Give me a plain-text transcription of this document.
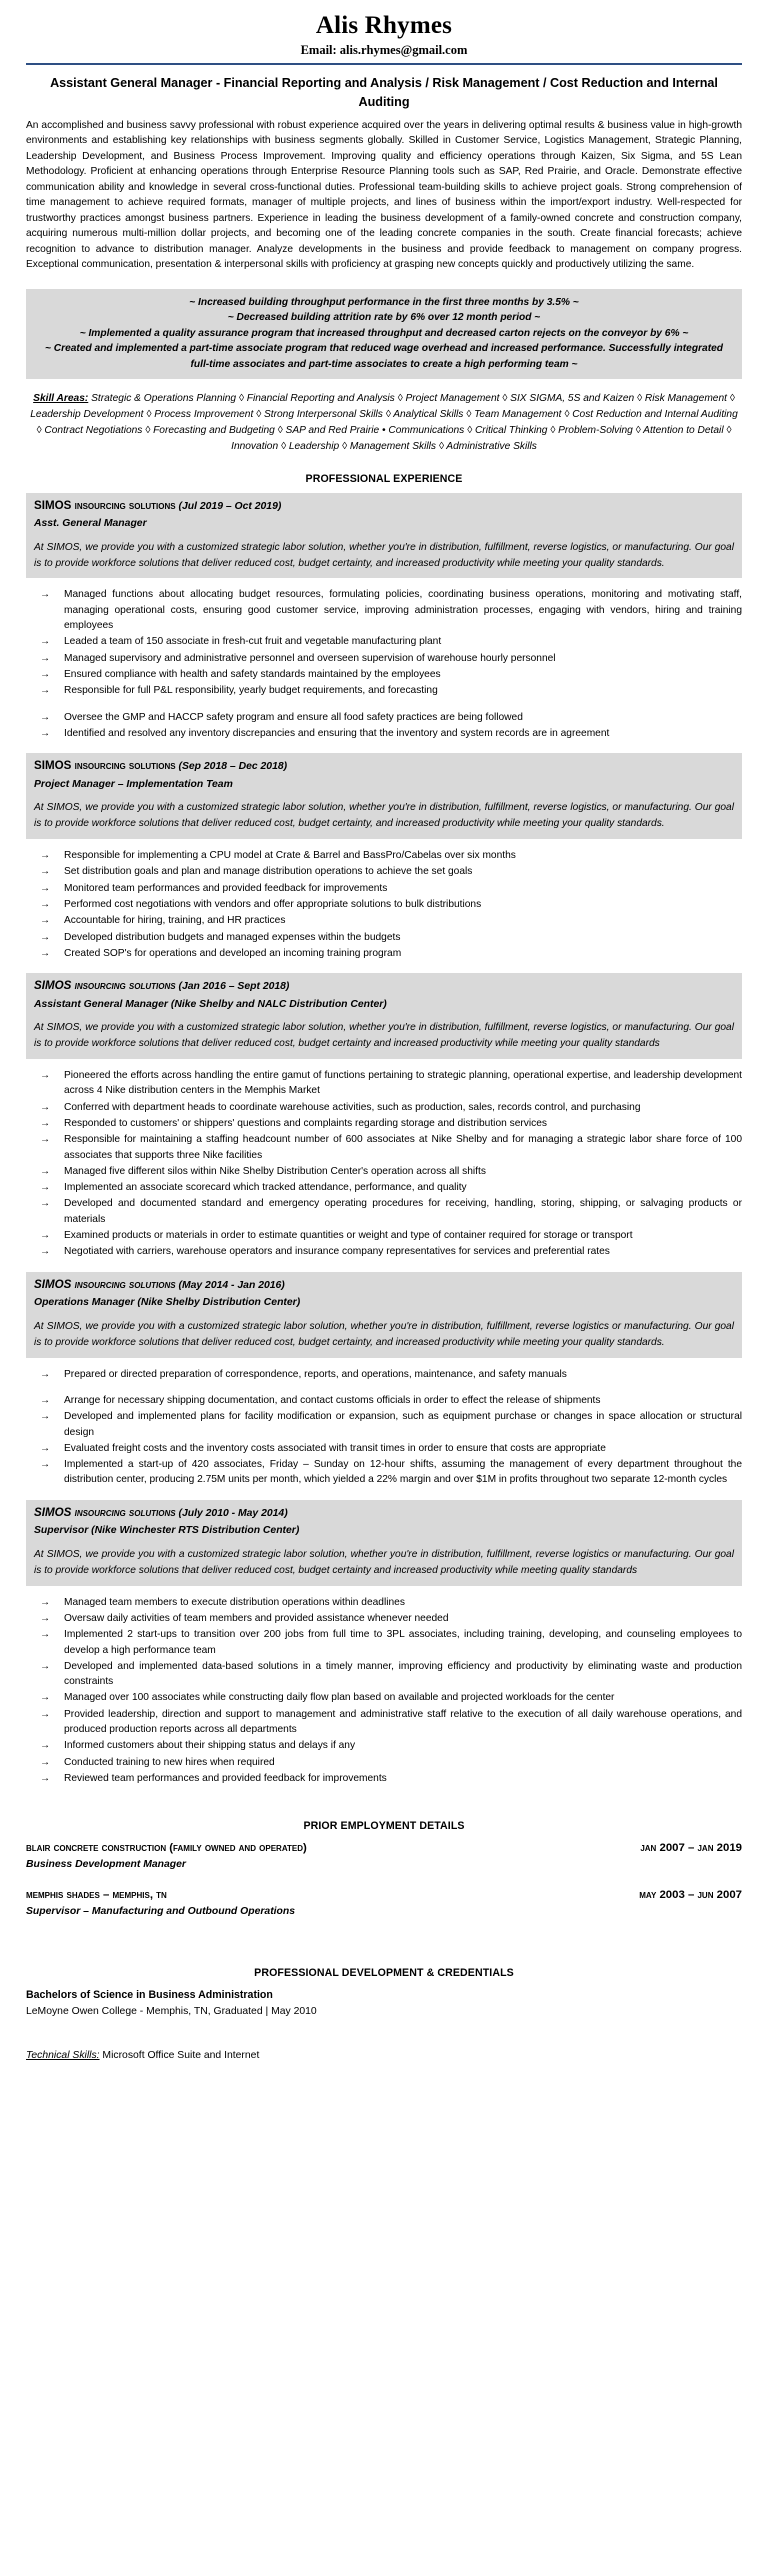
Alis Rhymes
Email: alis.rhymes@gmail.com
Assistant General Manager - Financial Reporting and Analysis / Risk Management / Cost Reduction and Internal Auditing
An accomplished and business savvy professional with robust experience acquired over the years in delivering optimal results & business value in high-growth environments and establishing key relationships with business segments globally. Skilled in Customer Service, Logistics Management, Strategic Planning, Leadership Development, and Business Process Improvement. Improving quality and efficiency operations through Kaizen, Six Sigma, and 5S Lean Methodology. Proficient at enhancing operations through Enterprise Resource Planning tools such as SAP, Red Prairie, and Oracle. Demonstrate effective communication ability and knowledge in several cross-functional duties. Professional team-building skills to achieve project goals. Strong comprehension of time management to achieve required formats, manager of multiple projects, and lines of business within the import/export industry. Well-respected for trustworthy practices amongst business partners. Experience in leading the business development of a family-owned concrete and construction company, acquiring numerous multi-million dollar projects, and becoming one of the leading concrete companies in the south. Create financial forecasts; achieve recognition to advance to distribution manager. Analyze developments in the business and provide feedback to management on company progress. Exceptional communication, presentation & interpersonal skills with proficiency at grasping new concepts quickly and productively utilizing the same.
~ Increased building throughput performance in the first three months by 3.5% ~
~ Decreased building attrition rate by 6% over 12 month period ~
~ Implemented a quality assurance program that increased throughput and decreased carton rejects on the conveyor by 6% ~
~ Created and implemented a part-time associate program that reduced wage overhead and increased performance. Successfully integrated full-time associates and part-time associates to create a high performing team ~
Skill Areas: Strategic & Operations Planning ◊ Financial Reporting and Analysis ◊ Project Management ◊ SIX SIGMA, 5S and Kaizen ◊ Risk Management ◊ Leadership Development ◊ Process Improvement ◊ Strong Interpersonal Skills ◊ Analytical Skills ◊ Team Management ◊ Cost Reduction and Internal Auditing ◊ Contract Negotiations ◊ Forecasting and Budgeting ◊ SAP and Red Prairie • Communications ◊ Critical Thinking ◊ Problem-Solving ◊ Attention to Detail ◊ Innovation ◊ Leadership ◊ Management Skills ◊ Administrative Skills
PROFESSIONAL EXPERIENCE
SIMOS insourcing solutions (Jul 2019 – Oct 2019)
Asst. General Manager
At SIMOS, we provide you with a customized strategic labor solution, whether you're in distribution, fulfillment, reverse logistics, or manufacturing. Our goal is to provide workforce solutions that deliver reduced cost, budget certainty, and increased productivity while meeting your quality standards.
→ Managed functions about allocating budget resources, formulating policies, coordinating business operations, monitoring and motivating staff, managing operational costs, ensuring good customer service, improving administration processes, engaging with vendors, hiring and training employees
→ Leaded a team of 150 associate in fresh-cut fruit and vegetable manufacturing plant
→ Managed supervisory and administrative personnel and overseen supervision of warehouse hourly personnel
→ Ensured compliance with health and safety standards maintained by the employees
→ Responsible for full P&L responsibility, yearly budget requirements, and forecasting
→ Oversee the GMP and HACCP safety program and ensure all food safety practices are being followed
→ Identified and resolved any inventory discrepancies and ensuring that the inventory and system records are in agreement
SIMOS insourcing solutions (Sep 2018 – Dec 2018)
Project Manager – Implementation Team
At SIMOS, we provide you with a customized strategic labor solution, whether you're in distribution, fulfillment, reverse logistics, or manufacturing. Our goal is to provide workforce solutions that deliver reduced cost, budget certainty, and increased productivity while meeting your quality standards.
→ Responsible for implementing a CPU model at Crate & Barrel and BassPro/Cabelas over six months
→ Set distribution goals and plan and manage distribution operations to achieve the set goals
→ Monitored team performances and provided feedback for improvements
→ Performed cost negotiations with vendors and offer appropriate solutions to bulk distributions
→ Accountable for hiring, training, and HR practices
→ Developed distribution budgets and managed expenses within the budgets
→ Created SOP's for operations and developed an incoming training program
SIMOS insourcing solutions (Jan 2016 – Sept 2018)
Assistant General Manager (Nike Shelby and NALC Distribution Center)
At SIMOS, we provide you with a customized strategic labor solution, whether you're in distribution, fulfillment, reverse logistics, or manufacturing. Our goal is to provide workforce solutions that deliver reduced cost, budget certainty and increased productivity while meeting your quality standards
→ Pioneered the efforts across handling the entire gamut of functions pertaining to strategic planning, operational expertise, and leadership development across 4 Nike distribution centers in the Memphis Market
→ Conferred with department heads to coordinate warehouse activities, such as production, sales, records control, and purchasing
→ Responded to customers' or shippers' questions and complaints regarding storage and distribution services
→ Responsible for maintaining a staffing headcount number of 600 associates at Nike Shelby and for managing a strategic labor share force of 100 associates that supports three Nike facilities
→ Managed five different silos within Nike Shelby Distribution Center's operation across all shifts
→ Implemented an associate scorecard which tracked attendance, performance, and quality
→ Developed and documented standard and emergency operating procedures for receiving, handling, storing, shipping, or salvaging products or materials
→ Examined products or materials in order to estimate quantities or weight and type of container required for storage or transport
→ Negotiated with carriers, warehouse operators and insurance company representatives for services and preferential rates
SIMOS insourcing solutions (May 2014 - Jan 2016)
Operations Manager (Nike Shelby Distribution Center)
At SIMOS, we provide you with a customized strategic labor solution, whether you're in distribution, fulfillment, reverse logistics or manufacturing. Our goal is to provide workforce solutions that deliver reduced cost, budget certainty, and increased productivity while meeting your quality standards.
→ Prepared or directed preparation of correspondence, reports, and operations, maintenance, and safety manuals
→ Arrange for necessary shipping documentation, and contact customs officials in order to effect the release of shipments
→ Developed and implemented plans for facility modification or expansion, such as equipment purchase or changes in space allocation or structural design
→ Evaluated freight costs and the inventory costs associated with transit times in order to ensure that costs are appropriate
→ Implemented a start-up of 420 associates, Friday – Sunday on 12-hour shifts, assuming the management of every department throughout the distribution center, producing 2.75M units per month, which yielded a 22% margin and over $1M in profits throughout two separate 12-month cycles
SIMOS insourcing solutions (July 2010 - May 2014)
Supervisor (Nike Winchester RTS Distribution Center)
At SIMOS, we provide you with a customized strategic labor solution, whether you're in distribution, fulfillment, reverse logistics or manufacturing. Our goal is to provide workforce solutions that deliver reduced cost, budget certainty and increased productivity while meeting quality standards
→ Managed team members to execute distribution operations within deadlines
→ Oversaw daily activities of team members and provided assistance whenever needed
→ Implemented 2 start-ups to transition over 200 jobs from full time to 3PL associates, including training, developing, and counseling employees to develop a high performance team
→ Developed and implemented data-based solutions in a timely manner, improving efficiency and productivity by eliminating waste and production constraints
→ Managed over 100 associates while constructing daily flow plan based on available and projected workloads for the center
→ Provided leadership, direction and support to management and administrative staff relative to the execution of all daily warehouse operations, and produced production reports across all departments
→ Informed customers about their shipping status and delays if any
→ Conducted training to new hires when required
→ Reviewed team performances and provided feedback for improvements
PRIOR EMPLOYMENT DETAILS
jan 2007 – jan 2019
blair concrete construction (family owned and operated)
Business Development Manager
may 2003 – jun 2007
memphis shades – memphis, tn
Supervisor – Manufacturing and Outbound Operations
PROFESSIONAL DEVELOPMENT & CREDENTIALS
Bachelors of Science in Business Administration
LeMoyne Owen College - Memphis, TN, Graduated | May 2010
Technical Skills: Microsoft Office Suite and Internet
